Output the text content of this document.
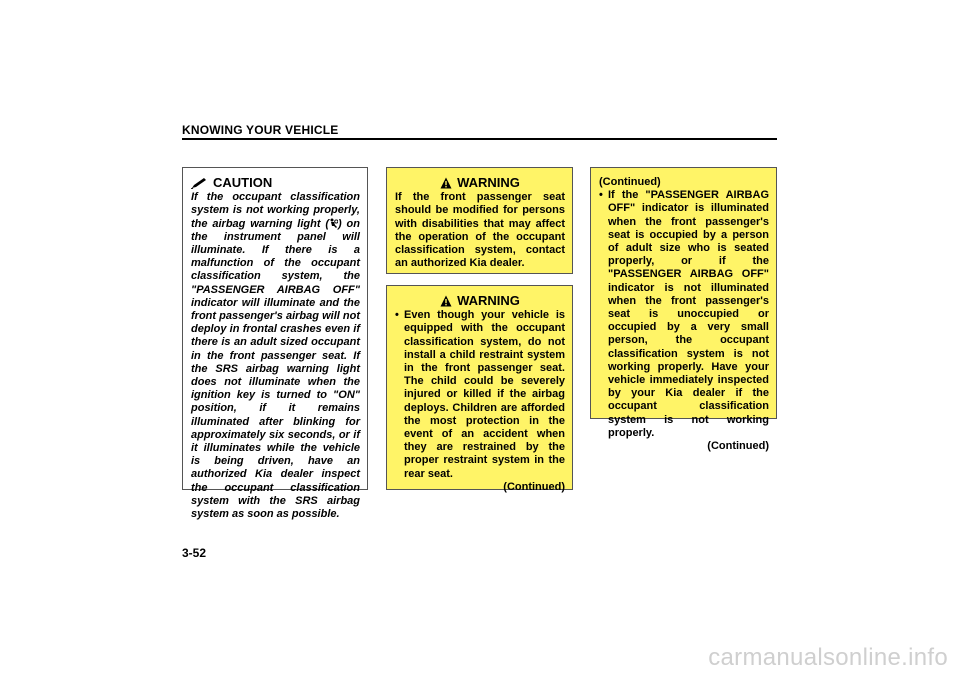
KNOWING YOUR VEHICLE
CAUTION
If the occupant classification system is not working properly, the airbag warning light ( ) on the instrument panel will illuminate. If there is a malfunction of the occupant classification system, the "PASSENGER AIRBAG OFF" indicator will illuminate and the front passenger's airbag will not deploy in frontal crashes even if there is an adult sized occupant in the front passenger seat. If the SRS airbag warning light does not illuminate when the ignition key is turned to "ON" position, if it remains illuminated after blinking for approximately six seconds, or if it illuminates while the vehicle is being driven, have an authorized Kia dealer inspect the occupant classification system with the SRS airbag system as soon as possible.
WARNING
If the front passenger seat should be modified for persons with disabilities that may affect the operation of the occupant classification system, contact an authorized Kia dealer.
WARNING
• Even though your vehicle is equipped with the occupant classification system, do not install a child restraint system in the front passenger seat. The child could be severely injured or killed if the airbag deploys. Children are afforded the most protection in the event of an accident when they are restrained by the proper restraint system in the rear seat.
(Continued)
(Continued)
• If the "PASSENGER AIRBAG OFF" indicator is illuminated when the front passenger's seat is occupied by a person of adult size who is seated properly, or if the "PASSENGER AIRBAG OFF" indicator is not illuminated when the front passenger's seat is unoccupied or occupied by a very small person, the occupant classification system is not working properly. Have your vehicle immediately inspected by your Kia dealer if the occupant classification system is not working properly.
(Continued)
3-52
carmanualsonline.info
